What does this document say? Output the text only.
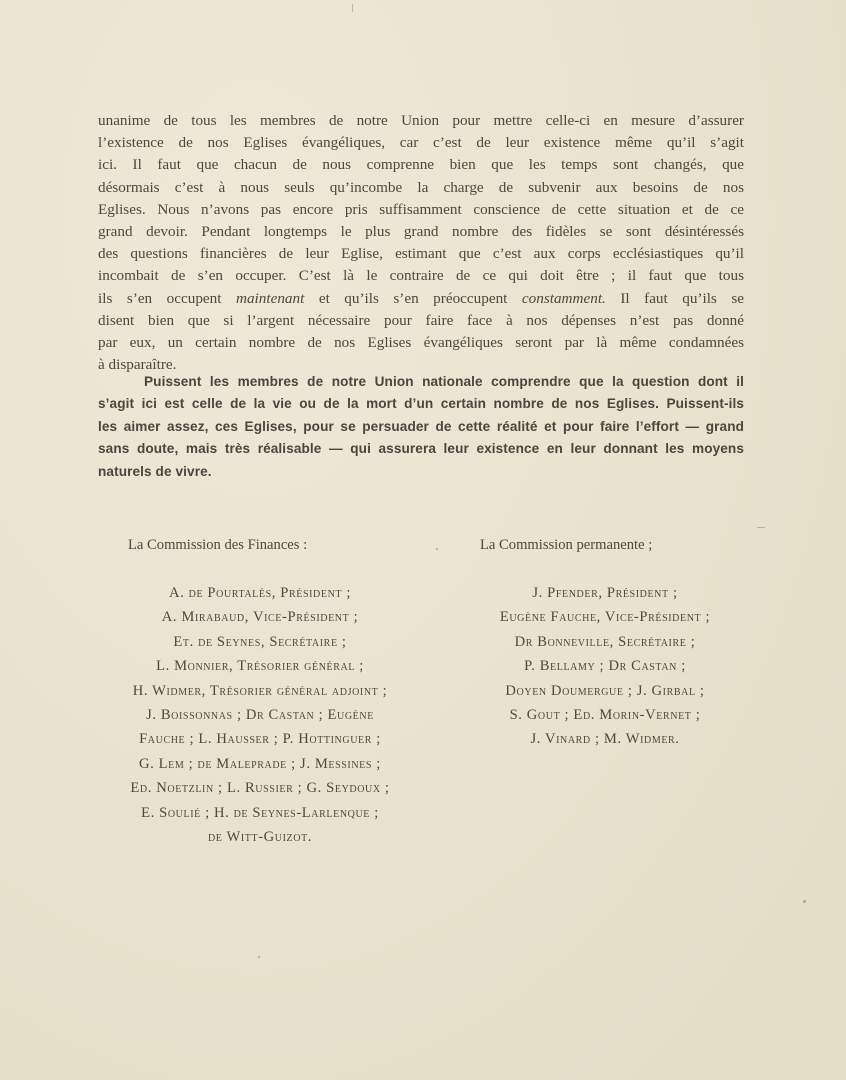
unanime de tous les membres de notre Union pour mettre celle-ci en mesure d’assurer
l’existence de nos Eglises évangéliques, car c’est de leur existence même qu’il s’agit
ici. Il faut que chacun de nous comprenne bien que les temps sont changés, que
désormais c’est à nous seuls qu’incombe la charge de subvenir aux besoins de nos
Eglises. Nous n’avons pas encore pris suffisamment conscience de cette situation et de ce
grand devoir. Pendant longtemps le plus grand nombre des fidèles se sont désintéressés
des questions financières de leur Eglise, estimant que c’est aux corps ecclésiastiques qu’il
incombait de s’en occuper. C’est là le contraire de ce qui doit être ; il faut que tous
ils s’en occupent maintenant et qu’ils s’en préoccupent constamment. Il faut qu’ils se
disent bien que si l’argent nécessaire pour faire face à nos dépenses n’est pas donné
par eux, un certain nombre de nos Eglises évangéliques seront par là même condamnées
à disparaître.
Puissent les membres de notre Union nationale comprendre que la question dont il
s’agit ici est celle de la vie ou de la mort d’un certain nombre de nos Eglises. Puissent-ils
les aimer assez, ces Eglises, pour se persuader de cette réalité et pour faire l’effort — grand
sans doute, mais très réalisable — qui assurera leur existence en leur donnant les moyens
naturels de vivre.
La Commission des Finances :
A. de Pourtalès, Président ;
A. Mirabaud, Vice-Président ;
Et. de Seynes, Secrétaire ;
L. Monnier, Trésorier général ;
H. Widmer, Trésorier général adjoint ;
J. Boissonnas ; Dr Castan ; Eugène
Fauche ; L. Hausser ; P. Hottinguer ;
G. Lem ; de Maleprade ; J. Messines ;
Ed. Noetzlin ; L. Russier ; G. Seydoux ;
E. Soulié ; H. de Seynes-Larlenque ;
de Witt-Guizot.
La Commission permanente ;
J. Pfender, Président ;
Eugène Fauche, Vice-Président ;
Dr Bonneville, Secrétaire ;
P. Bellamy ; Dr Castan ;
Doyen Doumergue ; J. Girbal ;
S. Gout ; Ed. Morin-Vernet ;
J. Vinard ; M. Widmer.
